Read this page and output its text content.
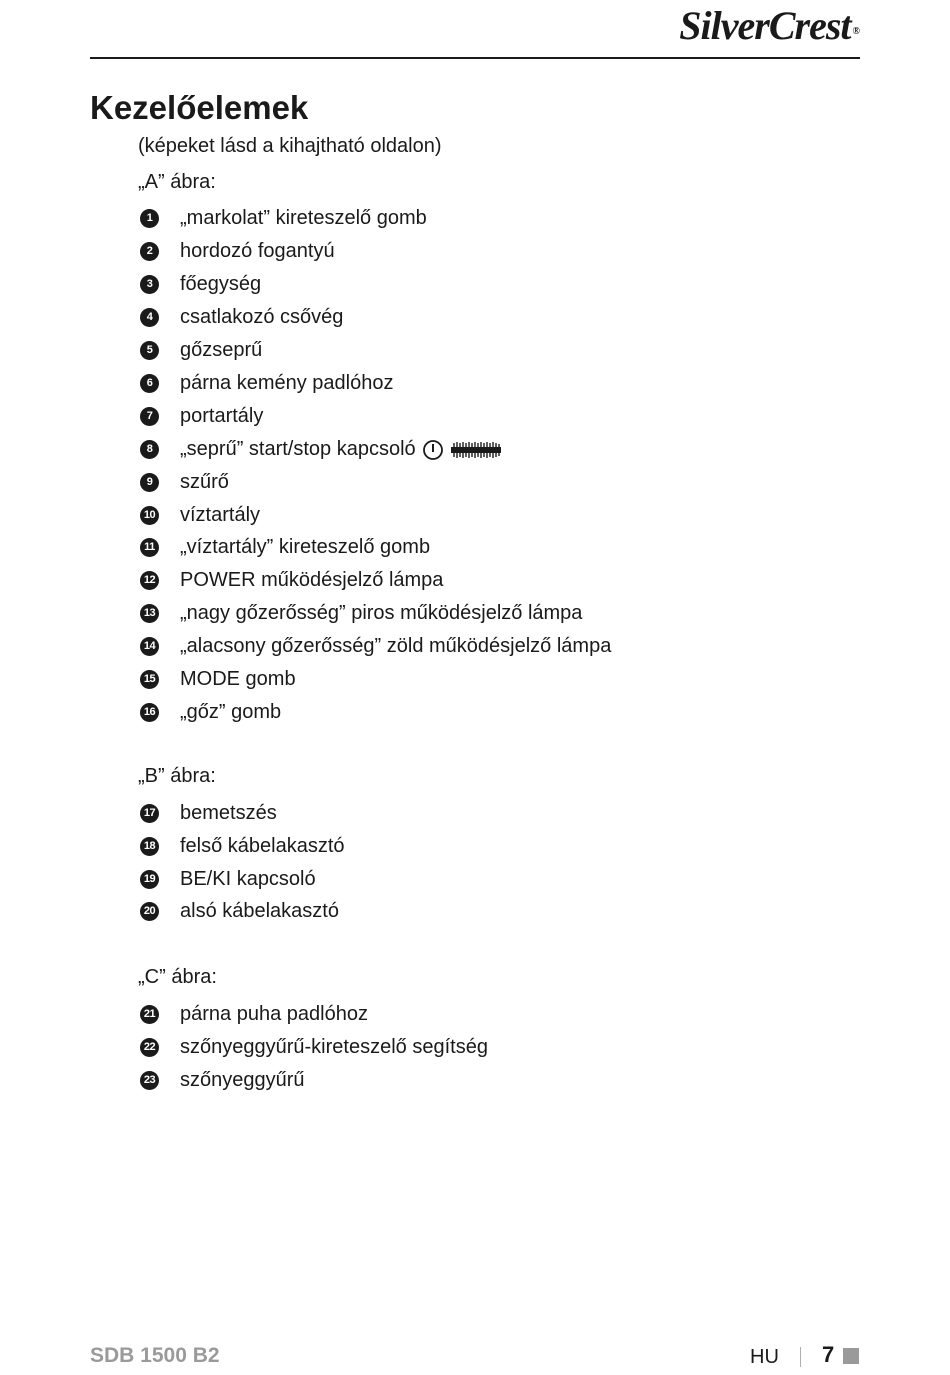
SilverCrest ®
Kezelőelemek
(képeket lásd a kihajtható oldalon)
„A” ábra:
1	„markolat” kireteszelő gomb
2	hordozó fogantyú
3	főegység
4	csatlakozó csővég
5	gőzseprű
6	párna kemény padlóhoz
7	portartály
8	„seprű” start/stop kapcsoló
9	szűrő
10 víztartály
11 „víztartály” kireteszelő gomb
12 POWER működésjelző lámpa
13 „nagy gőzerősség” piros működésjelző lámpa
14 „alacsony gőzerősség” zöld működésjelző lámpa
15 MODE gomb
16 „gőz” gomb
„B” ábra:
17 bemetszés
18 felső kábelakasztó
19 BE/KI kapcsoló
20 alsó kábelakasztó
„C” ábra:
21 párna puha padlóhoz
22 szőnyeggyűrű-kireteszelő segítség
23 szőnyeggyűrű
SDB 1500 B2	HU 7
